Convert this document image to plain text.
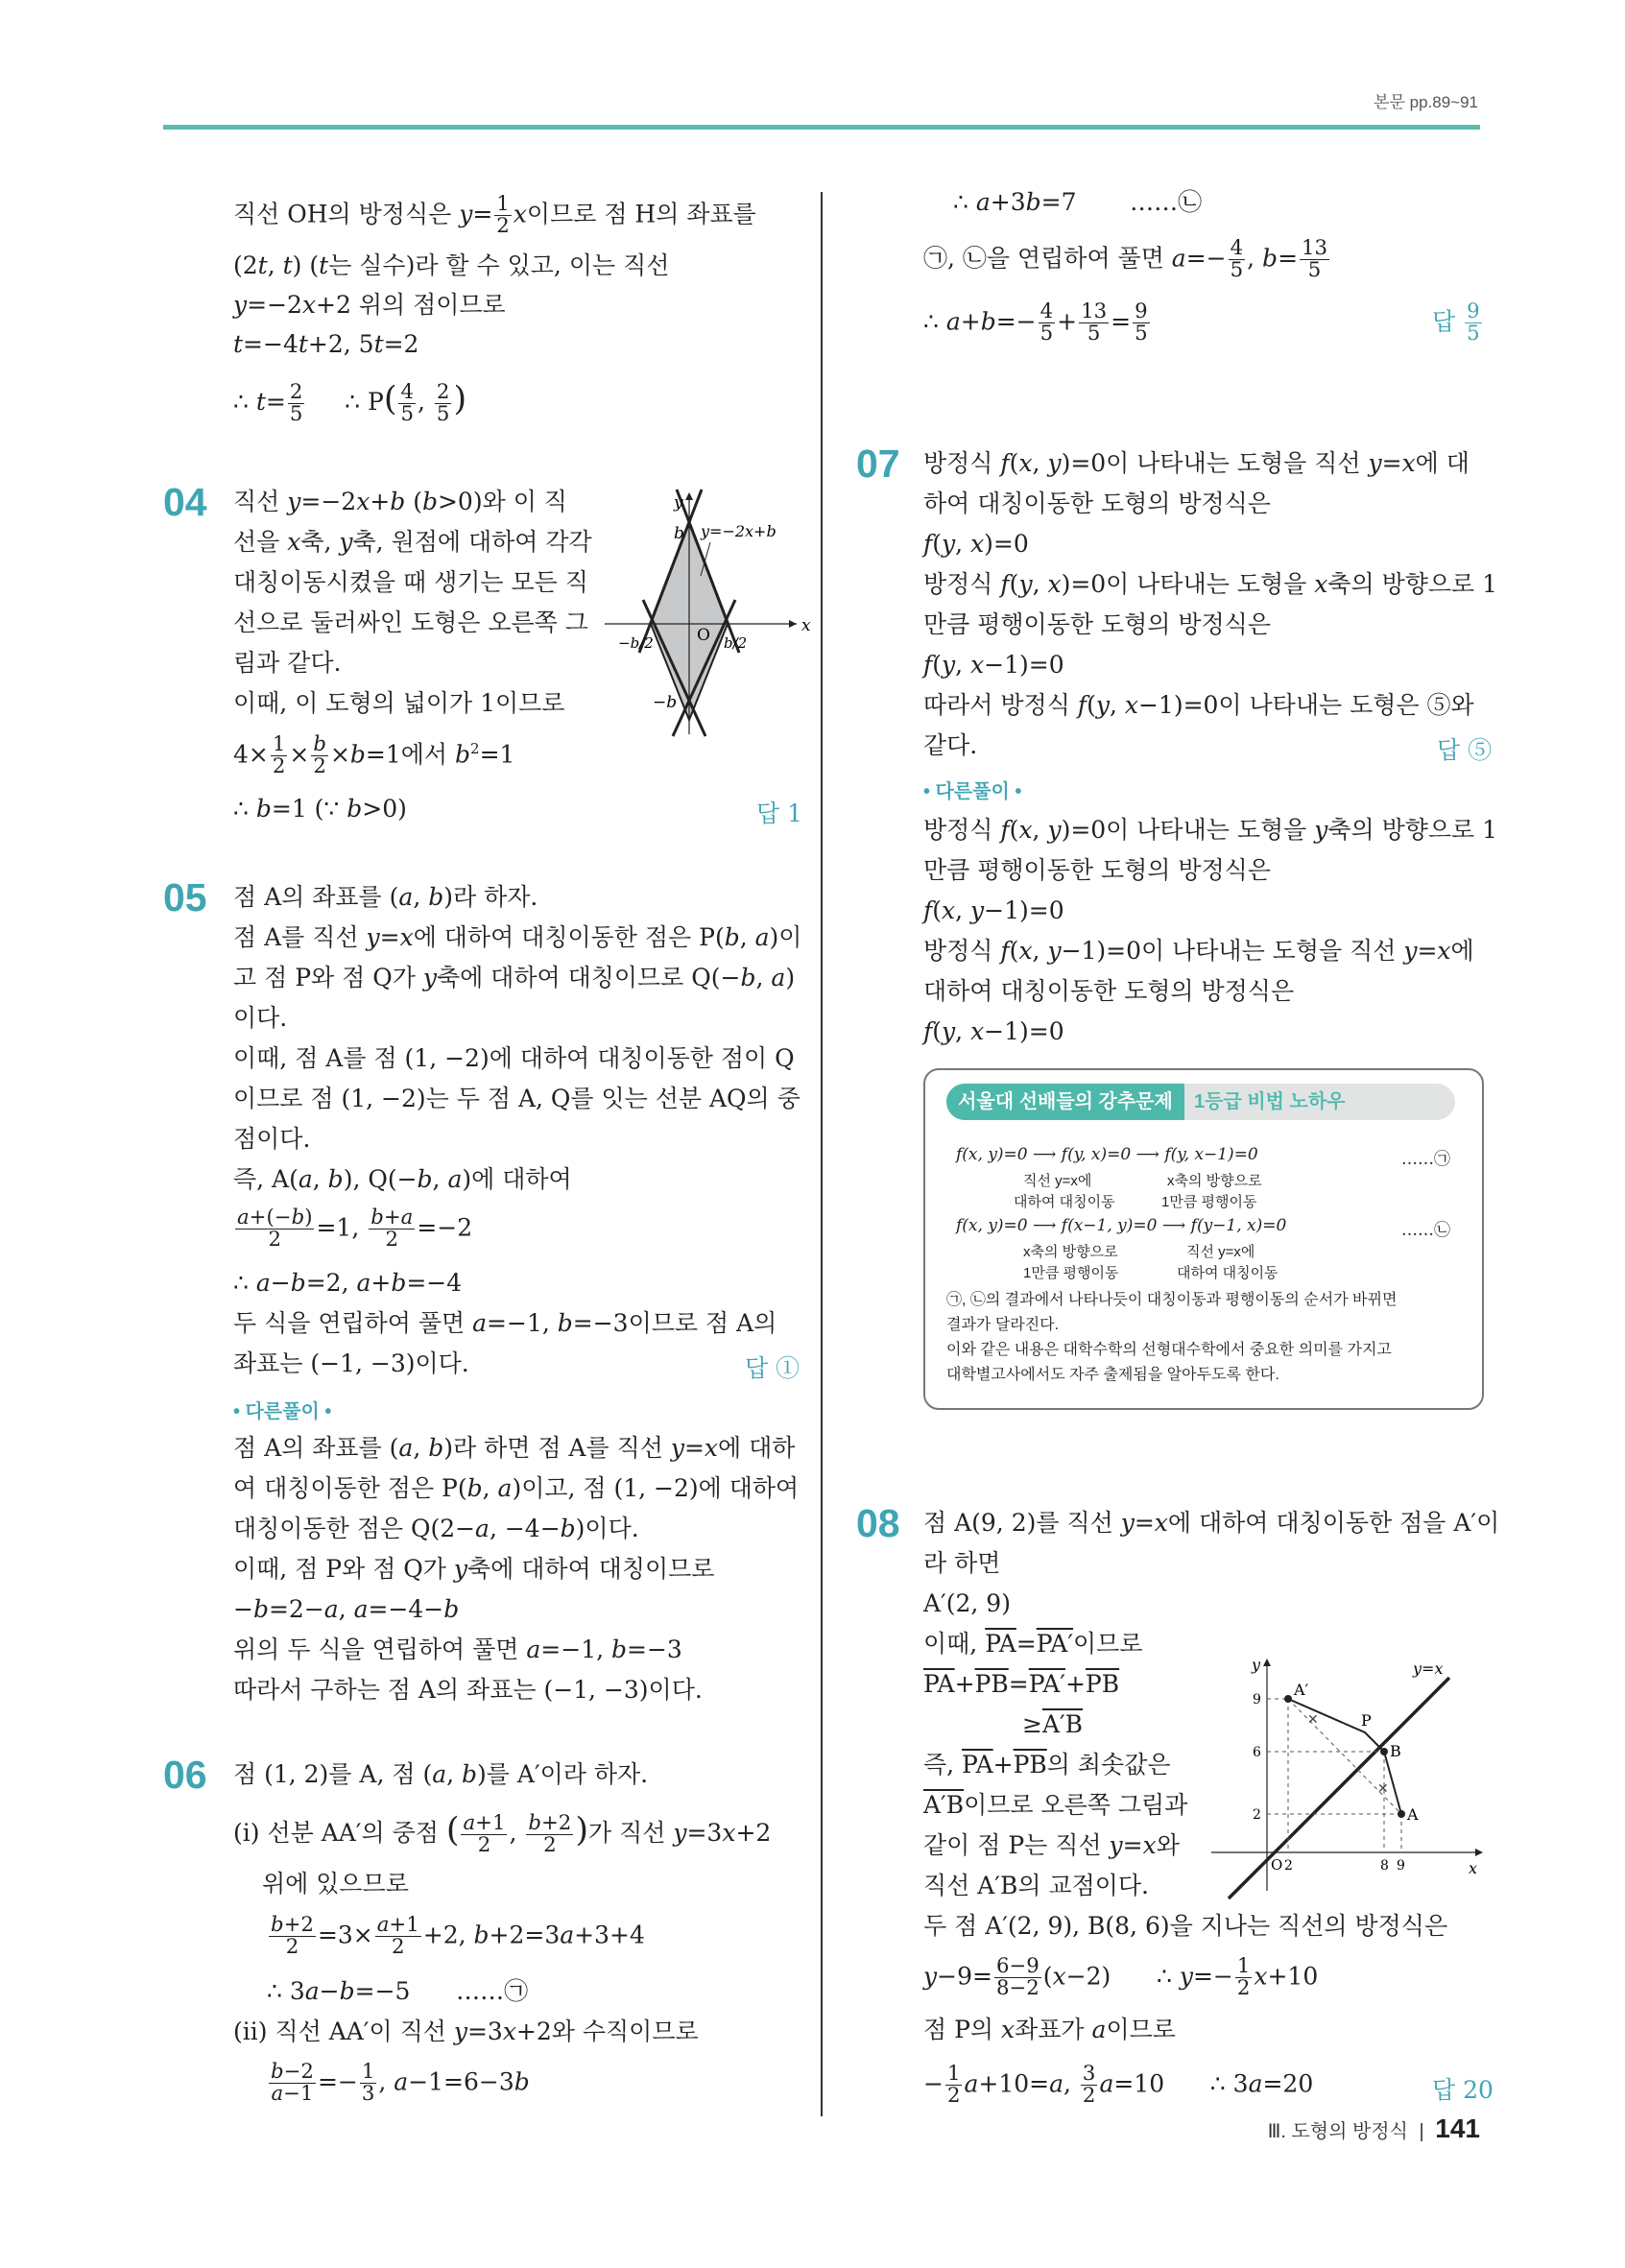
본문 pp.89~91
직선 OH의 방정식은 $y= \frac{1}{2}$ x이므로 점 H의 좌표를
(2t, t) (t는 실수)라 할 수 있고, 이는 직선
y=−2x+2 위의 점이므로
t=−4t+2, 5t=2
∴ $t= \frac{2}{5}$ ∴ $P( \frac{4}{5}$ , $\frac{2}{5}$ )
04 직선 y=−2x+b (b>0)와 이 직
선을 x축, y축, 원점에 대하여 각각
대칭이동시켰을 때 생기는 모든 직
선으로 둘러싸인 도형은 오른쪽 그
림과 같다.
이때, 이 도형의 넓이가 1이므로
$4\times \frac{1}{2} \times \frac{b}{2} \times b=1$에서 $b^2=1$
∴ b=1 (∵ b>0)	답 1
x
y
O
b
−b
y=−2x+b
−b/2	b/2
05 점 A의 좌표를 (a, b)라 하자.
점 A를 직선 y=x에 대하여 대칭이동한 점은 P(b, a)이
고 점 P와 점 Q가 y축에 대하여 대칭이므로 Q(−b, a)
이다.
이때, 점 A를 점 (1, −2)에 대하여 대칭이동한 점이 Q
이므로 점 (1, −2)는 두 점 A, Q를 잇는 선분 AQ의 중
점이다.
즉, A(a, b), Q(−b, a)에 대하여
$\frac{a+(-b)}{2} =1$, $\frac{b+a}{2} =-2$
∴ a−b=2, a+b=−4
두 식을 연립하여 풀면 a=−1, b=−3이므로 점 A의
좌표는 (−1, −3)이다.	답 ①
• 다른풀이 •
점 A의 좌표를 (a, b)라 하면 점 A를 직선 y=x에 대하
여 대칭이동한 점은 P(b, a)이고, 점 (1, −2)에 대하여
대칭이동한 점은 Q(2−a, −4−b)이다.
이때, 점 P와 점 Q가 y축에 대하여 대칭이므로
−b=2−a, a=−4−b
위의 두 식을 연립하여 풀면 a=−1, b=−3
따라서 구하는 점 A의 좌표는 (−1, −3)이다.
06 점 (1, 2)를 A, 점 (a, b)를 A′이라 하자.
(ⅰ) 선분 AA′의 중점 ( $\frac{a+1}{2}$ , $\frac{b+2}{2}$ )가 직선 y=3x+2
위에 있으므로
$\frac{b+2}{2} =3\times \frac{a+1}{2} +2$, b+2=3a+3+4
∴ 3a−b=−5      ……㉠
(ⅱ) 직선 AA′이 직선 y=3x+2와 수직이므로
$\frac{b-2}{a-1} =- \frac{1}{3}$ , a−1=6−3b
∴ a+3b=7       ……㉡
㉠, ㉡을 연립하여 풀면 $a=- \frac{4}{5}$ , $b= \frac{13}{5}$
∴ $a+b=- \frac{4}{5} + \frac{13}{5} = \frac{9}{5}$	답 $\frac{9}{5}$
07 방정식 f(x, y)=0이 나타내는 도형을 직선 y=x에 대
하여 대칭이동한 도형의 방정식은
f(y, x)=0
방정식 f(y, x)=0이 나타내는 도형을 x축의 방향으로 1
만큼 평행이동한 도형의 방정식은
f(y, x−1)=0
따라서 방정식 f(y, x−1)=0이 나타내는 도형은 ⑤와
같다.	답 ⑤
• 다른풀이 •
방정식 f(x, y)=0이 나타내는 도형을 y축의 방향으로 1
만큼 평행이동한 도형의 방정식은
f(x, y−1)=0
방정식 f(x, y−1)=0이 나타내는 도형을 직선 y=x에
대하여 대칭이동한 도형의 방정식은
f(y, x−1)=0
서울대 선배들의 강추문제	1등급 비법 노하우
f(x, y)=0 ⟶ f(y, x)=0 ⟶ f(y, x−1)=0	……㉠
직선 y=x에
대하여 대칭이동
x축의 방향으로
1만큼 평행이동
f(x, y)=0 ⟶ f(x−1, y)=0 ⟶ f(y−1, x)=0	……㉡
x축의 방향으로
1만큼 평행이동
직선 y=x에
대하여 대칭이동
㉠, ㉡의 결과에서 나타나듯이 대칭이동과 평행이동의 순서가 바뀌면
결과가 달라진다.
이와 같은 내용은 대학수학의 선형대수학에서 중요한 의미를 가지고
대학별고사에서도 자주 출제됨을 알아두도록 한다.
08 점 A(9, 2)를 직선 y=x에 대하여 대칭이동한 점을 A′이
라 하면
A′(2, 9)
이때, $\overline{PA}=PA'$이므로
$\overline{PA}+\overline{PB}=PA'+\overline{PB}$
≥A′B
즉, $\overline{PA}+\overline{PB}$의 최솟값은
A′B이므로 오른쪽 그림과
같이 점 P는 직선 y=x와
직선 A′B의 교점이다.
두 점 A′(2, 9), B(8, 6)을 지나는 직선의 방정식은
$y-9= \frac{6-9}{8-2} (x-2)$      ∴ $y=- \frac{1}{2} x+10$
점 P의 x좌표가 a이므로
− $\frac{1}{2} a+10=a$, $\frac{3}{2} a=10$      ∴ 3a=20	답 20
✕
✕
A′
P
B
A
y=x
x
y
O 2	8 9
2
6
9
Ⅲ. 도형의 방정식 | 141
